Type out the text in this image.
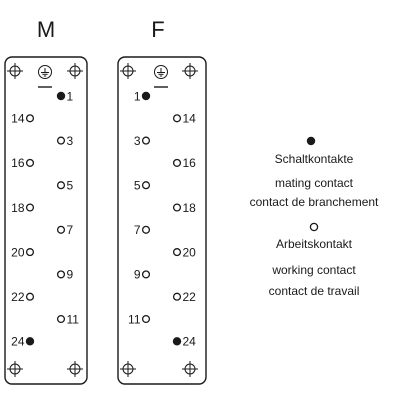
M
1
14
3
16
5
18
7
20
9
22
11
24
F
1
14
3
16
5
18
7
20
9
22
11
24
Schaltkontakte
mating contact
contact de branchement
Arbeitskontakt
working contact
contact de travail
